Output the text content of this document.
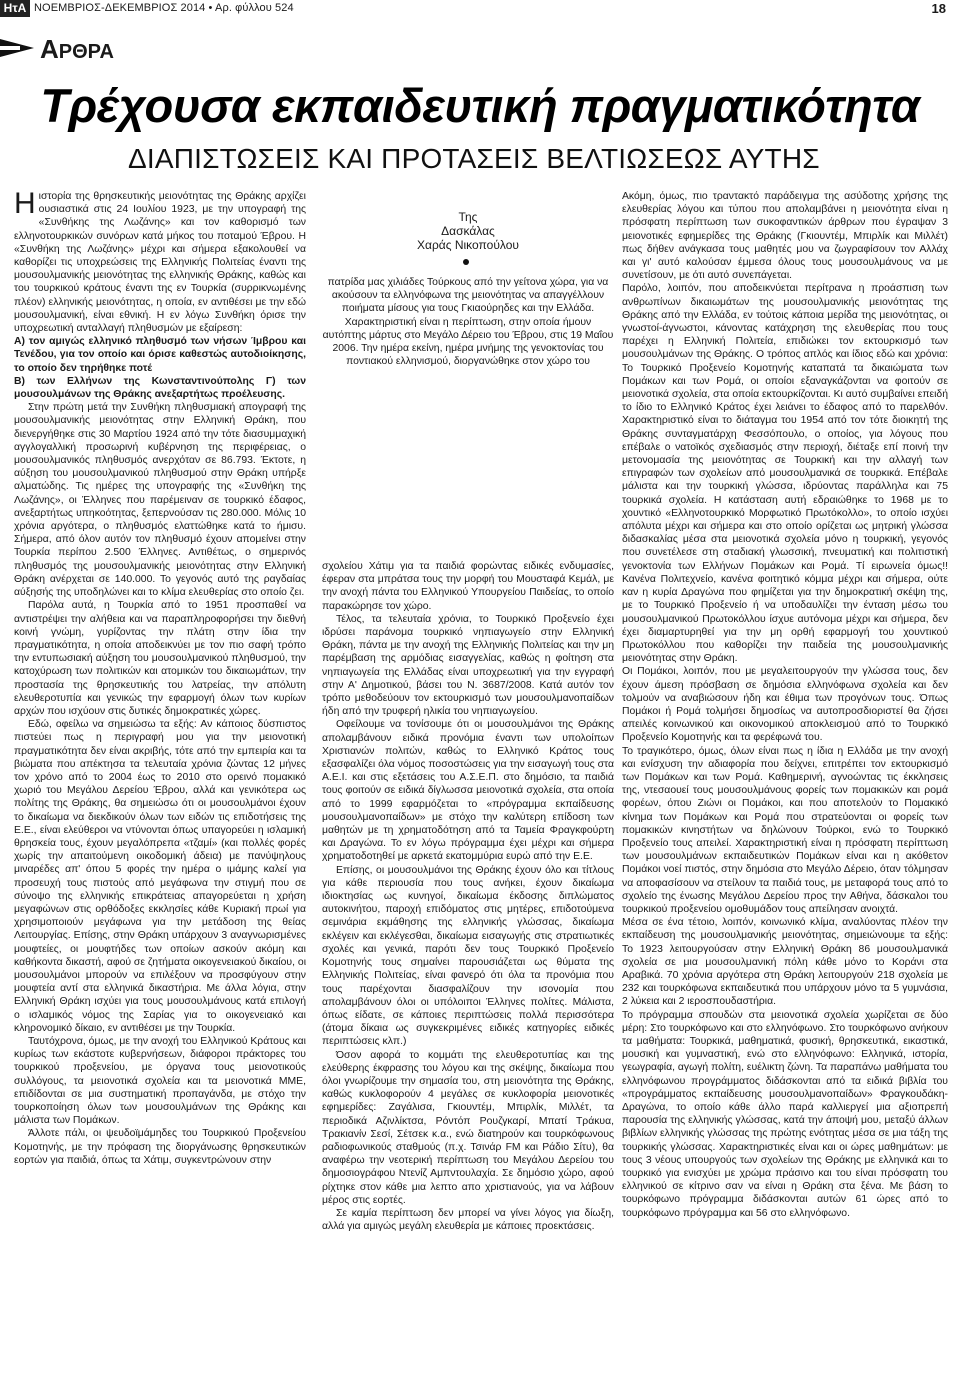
HτA ΝΟΕΜΒΡΙΟΣ-ΔΕΚΕΜΒΡΙΟΣ 2014 • Αρ. φύλλου 524	18
ΑΡΘΡΑ
Τρέχουσα εκπαιδευτική πραγματικότητα
ΔΙΑΠΙΣΤΩΣΕΙΣ ΚΑΙ ΠΡΟΤΑΣΕΙΣ ΒΕΛΤΙΩΣΕΩΣ ΑΥΤΗΣ

Ηιστορία της θρησκευτικής μειονότητας της Θράκης αρχίζει ουσιαστικά στις 24 Ιουλίου 1923, με την υπογραφή της «Συνθήκης της Λωζάνης» και τον καθορισμό των ελληνοτουρκικών συνόρων κατά μήκος του ποταμού Έβρου. Η «Συνθήκη της Λωζάνης» μέχρι και σήμερα εξακολουθεί να καθορίζει τις υποχρεώσεις της Ελληνικής Πολιτείας έναντι της μουσουλμανικής μειονότητας της ελληνικής Θράκης, καθώς και του τουρκικού κράτους έναντι της εν Τουρκία (συρρικνωμένης πλέον) ελληνικής μειονότητας, η οποία, εν αντιθέσει με την εδώ μουσουλμανική, είναι εθνική. Η εν λόγω Συνθήκη όρισε την υποχρεωτική ανταλλαγή πληθυσμών με εξαίρεση:

Α) τον αμιγώς ελληνικό πληθυσμό των νήσων Ίμβρου και Τενέδου, για τον οποίο και όρισε καθεστώς αυτοδιοίκησης, το οποίο δεν τηρήθηκε ποτέ

Β) των Ελλήνων της Κωνσταντινούπολης Γ) των μουσουλμάνων της Θράκης ανεξαρτήτως προέλευσης.

Στην πρώτη μετά την Συνθήκη πληθυσμιακή απογραφή της μουσουλμανικής μειονότητας στην Ελληνική Θράκη, που διενεργήθηκε στις 30 Μαρτίου 1924 από την τότε διασυμμαχική αγγλογαλλική προσωρινή κυβέρνηση της περιφέρειας, ο μουσουλμανικός πληθυσμός ανερχόταν σε 86.793. Έκτοτε, η αύξηση του μουσουλμανικού πληθυσμού στην Θράκη υπήρξε αλματώδης. Τις ημέρες της υπογραφής της «Συνθήκη της Λωζάνης», οι Έλληνες που παρέμειναν σε τουρκικό έδαφος, ανεξαρτήτως υπηκοότητας, ξεπερνούσαν τις 280.000. Μόλις 10 χρόνια αργότερα, ο πληθυσμός ελαττώθηκε κατά το ήμισυ. Σήμερα, από όλον αυτόν τον πληθυσμό έχουν απομείνει στην Τουρκία περίπου 2.500 Έλληνες. Αντιθέτως, ο σημερινός πληθυσμός της μουσουλμανικής μειονότητας στην Ελληνική Θράκη ανέρχεται σε 140.000. Το γεγονός αυτό της ραγδαίας αύξησής της υποδηλώνει και το κλίμα ελευθερίας στο οποίο ζει.

Παρόλα αυτά, η Τουρκία από το 1951 προσπαθεί να αντιστρέψει την αλήθεια και να παραπληροφορήσει την διεθνή κοινή γνώμη, γυρίζοντας την πλάτη στην ίδια την πραγματικότητα, η οποία αποδεικνύει με τον πιο σαφή τρόπο την εντυπωσιακή αύξηση του μουσουλμανικού πληθυσμού, την κατοχύρωση των πολιτικών και ατομικών του δικαιωμάτων, την προστασία της θρησκευτικής του λατρείας, την απόλυτη ελευθεροτυπία και γενικώς την εφαρμογή όλων των κυρίων αρχών που ισχύουν στις δυτικές δημοκρατικές χώρες.

Εδώ, οφείλω να σημειώσω τα εξής: Αν κάποιος δύσπιστος πιστεύει πως η περιγραφή μου για την μειονοτική πραγματικότητα δεν είναι ακριβής, τότε από την εμπειρία και τα βιώματα που απέκτησα τα τελευταία χρόνια ζώντας 12 μήνες τον χρόνο από το 2004 έως το 2010 στο ορεινό πομακικό χωριό του Μεγάλου Δερείου Έβρου, αλλά και γενικότερα ως πολίτης της Θράκης, θα σημειώσω ότι οι μουσουλμάνοι έχουν το δικαίωμα να διεκδικούν όλων των ειδών τις επιδοτήσεις της Ε.Ε., είναι ελεύθεροι να ντύνονται όπως υπαγορεύει η ισλαμική θρησκεία τους, έχουν μεγαλόπρεπα «τζαμί» (και πολλές φορές χωρίς την απαιτούμενη οικοδομική άδεια) με πανύψηλους μιναρέδες απ' όπου 5 φορές την ημέρα ο ιμάμης καλεί για προσευχή τους πιστούς από μεγάφωνα την στιγμή που σε σύνοψο της ελληνικής επικράτειας απαγορεύεται η χρήση μεγαφώνων στις ορθόδοξες εκκλησίες κάθε Κυριακή πρωί για χρησιμοποιούν μεγάφωνα για την μετάδοση της θείας Λειτουργίας. Επίσης, στην Θράκη υπάρχουν 3 αναγνωρισμένες μουφτείες, οι μουφτήδες των οποίων ασκούν ακόμη και καθήκοντα δικαστή, αφού σε ζητήματα οικογενειακού δικαίου, οι μουσουλμάνοι μπορούν να επιλέξουν να προσφύγουν στην μουφτεία αντί στα ελληνικά δικαστήρια. Με άλλα λόγια, στην Ελληνική Θράκη ισχύει για τους μουσουλμάνους κατά επιλογή ο ισλαμικός νόμος της Σαρίας για το οικογενειακό και κληρονομικό δίκαιο, εν αντιθέσει με την Τουρκία.

Ταυτόχρονα, όμως, με την ανοχή του Ελληνικού Κράτους και κυρίως των εκάστοτε κυβερνήσεων, διάφοροι πράκτορες του τουρκικού προξενείου, με όργανα τους μειονοτικούς συλλόγους, τα μειονοτικά σχολεία και τα μειονοτικά ΜΜΕ, επιδίδονται σε μια συστηματική προπαγάνδα, με στόχο την τουρκοποίηση όλων των μουσουλμάνων της Θράκης και μάλιστα των Πομάκων.

Άλλοτε πάλι, οι ψευδοϊμάμηδες του Τουρκικού Προξενείου Κομοτηνής, με την πρόφαση της διοργάνωσης θρησκευτικών εορτών για παιδιά, όπως τα Χάτιμ, συγκεντρώνουν στην

Της
Δασκάλας
Χαράς Νικοπούλου

πατρίδα μας χιλιάδες Τούρκους από την γείτονα χώρα, για να ακούσουν τα ελληνόφωνα της μειονότητας να απαγγέλλουν ποιήματα μίσους για τους Γκιαούρηδες και την Ελλάδα.

Χαρακτηριστική είναι η περίπτωση, στην οποία ήμουν αυτόπτης μάρτυς στο Μεγάλο Δέρειο του Έβρου, στις 19 Μαΐου 2006. Την ημέρα εκείνη, ημέρα μνήμης της γενοκτονίας του ποντιακού ελληνισμού, διοργανώθηκε στον χώρο του

σχολείου Χάτιμ για τα παιδιά φορώντας ειδικές ενδυμασίες, έφεραν στα μπράτσα τους την μορφή του Μουσταφά Κεμάλ, με την ανοχή πάντα του Ελληνικού Υπουργείου Παιδείας, το οποίο παρακώρησε τον χώρο.

Τέλος, τα τελευταία χρόνια, το Τουρκικό Προξενείο έχει ιδρύσει παράνομα τουρκικό νηπιαγωγείο στην Ελληνική Θράκη, πάντα με την ανοχή της Ελληνικής Πολιτείας και την μη παρέμβαση της αρμόδιας εισαγγελίας, καθώς η φοίτηση στα νηπιαγωγεία της Ελλάδας είναι υποχρεωτική για την εγγραφή στην Α' Δημοτικού, βάσει του Ν. 3687/2008. Κατά αυτόν τον τρόπο μεθοδεύουν τον εκτουρκισμό των μουσουλμανοπαίδων ήδη από την τρυφερή ηλικία του νηπιαγωγείου.

Οφείλουμε να τονίσουμε ότι οι μουσουλμάνοι της Θράκης απολαμβάνουν ειδικά προνόμια έναντι των υπολοίπων Χριστιανών πολιτών, καθώς το Ελληνικό Κράτος τους εξασφαλίζει όλα νόμος ποσοστώσεις για την εισαγωγή τους στα Α.Ε.Ι. και στις εξετάσεις του Α.Σ.Ε.Π. στο δημόσιο, τα παιδιά τους φοιτούν σε ειδικά δίγλωσσα μειονοτικά σχολεία, στα οποία από το 1999 εφαρμόζεται το «πρόγραμμα εκπαίδευσης μουσουλμανοπαίδων» με στόχο την καλύτερη επίδοση των μαθητών με τη χρηματοδότηση από τα Ταμεία Φραγκφούρτη και Δραγώνα. Το εν λόγω πρόγραμμα έχει μέχρι και σήμερα χρηματοδοτηθεί με αρκετά εκατομμύρια ευρώ από την Ε.Ε.

Επίσης, οι μουσουλμάνοι της Θράκης έχουν όλο και τίτλους για κάθε περιουσία που τους ανήκει, έχουν δικαίωμα ιδιοκτησίας ως κυνηγοί, δικαίωμα έκδοσης διπλώματος αυτοκινήτου, παροχή επιδόματος στις μητέρες, επιδοτούμενα σεμινάρια εκμάθησης της ελληνικής γλώσσας, δικαίωμα εκλέγειν και εκλέγεσθαι, δικαίωμα εισαγωγής στις στρατιωτικές σχολές και γενικά, παρότι δεν τους Τουρκικό Προξενείο Κομοτηνής τους σημαίνει παρουσιάζεται ως θύματα της Ελληνικής Πολιτείας, είναι φανερό ότι όλα τα προνόμια που τους παρέχονται διασφαλίζουν την ισονομία που απολαμβάνουν όλοι οι υπόλοιποι Έλληνες πολίτες. Μάλιστα, όπως είδατε, σε κάποιες περιπτώσεις πολλά περισσότερα (άτομα δίκαια ως συγκεκριμένες ειδικές κατηγορίες ειδικές περιπτώσεις κλπ.)

Όσον αφορά το κομμάτι της ελευθεροτυπίας και της ελεύθερης έκφρασης του λόγου και της σκέψης, δικαίωμα που όλοι γνωρίζουμε την σημασία του, στη μειονότητα της Θράκης, καθώς κυκλοφορούν 4 μεγάλες σε κυκλοφορία μειονοτικές εφημερίδες: Ζαγάλισα, Γκιουντέμ, Μπιρλίκ, Μιλλέτ, τα περιοδικά Αζινλίκτσα, Ρόντόπ Ρουζγκαρί, Μπατί Τράκυα, Τρακιανίν Σεσί, Σέτσεκ κ.α., ενώ διατηρούν και τουρκόφωνους ραδιοφωνικούς σταθμούς (π.χ. Τσινάρ FM και Ράδιο Σίτυ), θα αναφέρω την νεοτερική περίπτωση του Μεγάλου Δερείου του δημοσιογράφου Ντενίζ Αμπντουλαχία. Σε δημόσιο χώρο, αφού ρίχτηκε στον κάθε μια λεπτο απο χριστιανούς, για να λάβουν μέρος στις εορτές.

Σε καμία περίπτωση δεν μπορεί να γίνει λόγος για δίωξη, αλλά για αμιγώς μεγάλη ελευθερία με κάποιες προεκτάσεις.

Ακόμη, όμως, πιο τραντακτό παράδειγμα της ασύδοτης χρήσης της ελευθερίας λόγου και τύπου που απολαμβάνει η μειονότητα είναι η πρόσφατη περίπτωση των συκοφαντικών άρθρων που έγραψαν 3 μειονοτικές εφημερίδες της Θράκης (Γκιουντέμ, Μπιρλίκ και Μιλλέτ) πως δήθεν ανάγκασα τους μαθητές μου να ζωγραφίσουν τον Αλλάχ και γι' αυτό καλούσαν έμμεσα όλους τους μουσουλμάνους να με συνετίσουν, με ότι αυτό συνεπάγεται.

Παρόλο, λοιπόν, που αποδεικνύεται περίτρανα η προάσπιση των ανθρωπίνων δικαιωμάτων της μουσουλμανικής μειονότητας της Θράκης από την Ελλάδα, εν τούτοις κάποια μερίδα της μειονότητας, οι γνωστοί-άγνωστοι, κάνοντας κατάχρηση της ελευθερίας που τους παρέχει η Ελληνική Πολιτεία, επιδιώκει τον εκτουρκισμό των μουσουλμάνων της Θράκης. Ο τρόπος απλός και ίδιος εδώ και χρόνια: Το Τουρκικό Προξενείο Κομοτηνής καταπατά τα δικαιώματα των Πομάκων και των Ρομά, οι οποίοι εξαναγκάζονται να φοιτούν σε μειονοτικά σχολεία, στα οποία εκτουρκίζονται. Κι αυτό συμβαίνει επειδή το ίδιο το Ελληνικό Κράτος έχει λειάνει το έδαφος από το παρελθόν. Χαρακτηριστικό είναι το διάταγμα του 1954 από τον τότε διοικητή της Θράκης συνταγματάρχη Φεσσόπουλο, ο οποίος, για λόγους που επέβαλε ο νατοϊκός σχεδιασμός στην περιοχή, διέταξε επί ποινή την μετονομασία της μειονότητας σε Τουρκική και την αλλαγή των επιγραφών των σχολείων από μουσουλμανικά σε τουρκικά. Επέβαλε μάλιστα και την τουρκική γλώσσα, ιδρύοντας παράλληλα και 75 τουρκικά σχολεία. Η κατάσταση αυτή εδραιώθηκε το 1968 με το χουντικό «Ελληνοτουρκικό Μορφωτικό Πρωτόκολλο», το οποίο ισχύει απόλυτα μέχρι και σήμερα και στο οποίο ορίζεται ως μητρική γλώσσα διδασκαλίας μέσα στα μειονοτικά σχολεία μόνο η τουρκική, γεγονός που συνετέλεσε στη σταδιακή γλωσσική, πνευματική και πολιτιστική γενοκτονία των Ελλήνων Πομάκων και Ρομά. Τί ειρωνεία όμως!! Κανένα Πολιτεχνείο, κανένα φοιτητικό κόμμα μέχρι και σήμερα, ούτε καν η κυρία Δραγώνα που φημίζεται για την δημοκρατική σκέψη της, με το Τουρκικό Προξενείο ή να υποδαυλίζει την ένταση μέσω του μουσουλμανικού Πρωτοκόλλου ίσχυε αυτόνομα μέχρι και σήμερα, δεν έχει διαμαρτυρηθεί για την μη ορθή εφαρμογή του χουντικού Πρωτοκόλλου που καθορίζει την παιδεία της μουσουλμανικής μειονότητας στην Θράκη.

Οι Πομάκοι, λοιπόν, που με μεγαλειτουργούν την γλώσσα τους, δεν έχουν άμεση πρόσβαση σε δημόσια ελληνόφωνα σχολεία και δεν τολμούν να αναβιώσουν ήδη και έθιμα των προγόνων τους. Όπως Πομάκοι ή Ρομά τολμήσει δημοσίως να αυτοπροσδιοριστεί θα ζήσει απειλές κοινωνικού και οικονομικού αποκλεισμού από το Τουρκικό Προξενείο Κομοτηνής και τα φερέφωνά του.

Το τραγικότερο, όμως, όλων είναι πως η ίδια η Ελλάδα με την ανοχή και ενίσχυση την αδιαφορία που δείχνει, επιτρέπει τον εκτουρκισμό των Πομάκων και των Ρομά. Καθημερινή, αγνοώντας τις έκκλησεις της, ντεσαουεί τους μουσουλμάνους φορείς των πομακικών και ρομά φορέων, όπου Ζιώνι οι Πομάκοι, και που αποτελούν το Πομακικό κίνημα των Πομάκων και Ρομά που στρατεύονται οι φορείς των πομακικών κινηστήτων να δηλώνουν Τούρκοι, ενώ το Τουρκικό Προξενείο τους απειλεί. Χαρακτηριστική είναι η πρόσφατη περίπτωση των μουσουλμάνων εκπαιδευτικών Πομάκων είναι και η ακόθετον Πομάκοι νοεί πιστός, στην δημόσια στο Μεγάλο Δέρειο, όταν τόλμησαν να αποφασίσουν να στείλουν τα παιδιά τους, με μεταφορά τους από το σχολείο της ένωσης Μεγάλου Δερείου προς την Αθήνα, δάσκαλοι του τουρκικού προξενείου ομοθυμάδον τους απείλησαν ανοιχτά.

Μέσα σε ένα τέτοιο, λοιπόν, κοινωνικό κλίμα, αναλύοντας πλέον την εκπαίδευση της μουσουλμανικής μειονότητας, σημειώνουμε τα εξής: Το 1923 λειτουργούσαν στην Ελληνική Θράκη 86 μουσουλμανικά σχολεία σε μια μουσουλμανική πόλη κάθε μόνο το Κοράνι στα Αραβικά. 70 χρόνια αργότερα στη Θράκη λειτουργούν 218 σχολεία με 232 και τουρκόφωνα εκπαιδευτικά που υπάρχουν μόνο τα 5 γυμνάσια, 2 λύκεια και 2 ιεροσπουδαστήρια.

Το πρόγραμμα σπουδών στα μειονοτικά σχολεία χωρίζεται σε δύο μέρη: Στο τουρκόφωνο και στο ελληνόφωνο. Στο τουρκόφωνο ανήκουν τα μαθήματα: Τουρκικά, μαθηματικά, φυσική, θρησκευτικά, εικαστικά, μουσική και γυμναστική, ενώ στο ελληνόφωνο: Ελληνικά, ιστορία, γεωγραφία, αγωγή πολίτη, ευέλικτη ζώνη. Τα παραπάνω μαθήματα του ελληνόφωνου προγράμματος διδάσκονται από τα ειδικά βιβλία του «προγράμματος εκπαίδευσης μουσουλμανοπαίδων» Φραγκουδάκη-Δραγώνα, το οποίο κάθε άλλο παρά καλλιεργεί μια αξιοπρεπή παρουσία της ελληνικής γλώσσας, κατά την άποψή μου, μεταξύ άλλων βιβλίων ελληνικής γλώσσας της πρώτης ενότητας μέσα σε μια τάξη της τουρκικής γλώσσας. Χαρακτηριστικές είναι και οι ώρες μαθημάτων: με τους 3 νέους υπουργούς των σχολείων της Θράκης με ελληνικά και το τουρκικό για ενισχύει με χρώμα πράσινο και του είναι πρόσφατη του ελληνικού σε κίτρινο σαν να είναι η Θράκη στα ξένα. Με βάση το τουρκόφωνο πρόγραμμα διδάσκονται αυτών 61 ώρες από το τουρκόφωνο πρόγραμμα και 56 στο ελληνόφωνο.
